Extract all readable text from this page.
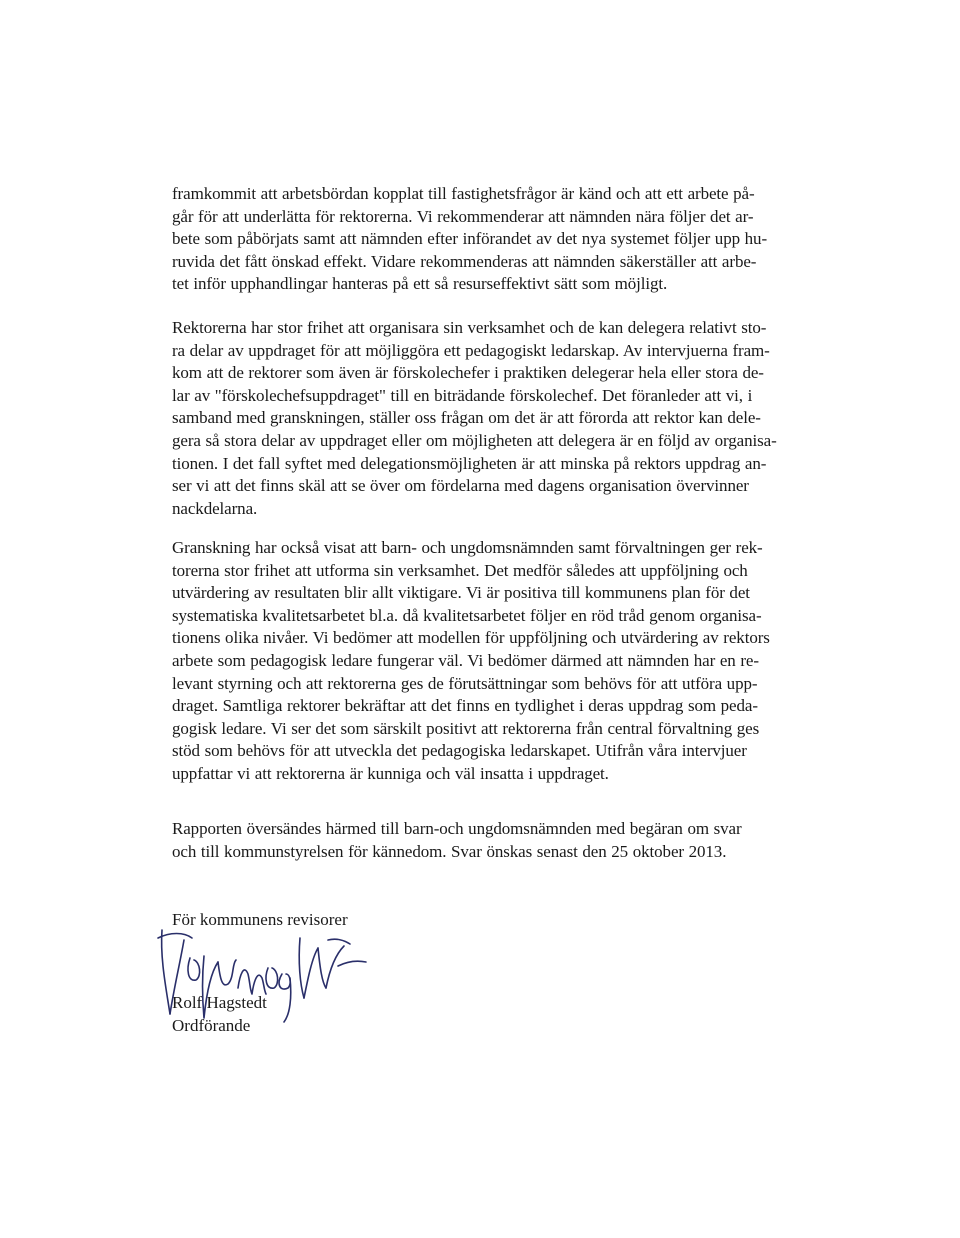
framkommit att arbetsbördan kopplat till fastighetsfrågor är känd och att ett arbete på-
går för att underlätta för rektorerna. Vi rekommenderar att nämnden nära följer det ar-
bete som påbörjats samt att nämnden efter införandet av det nya systemet följer upp hu-
ruvida det fått önskad effekt. Vidare rekommenderas att nämnden säkerställer att arbe-
tet inför upphandlingar hanteras på ett så resurseffektivt sätt som möjligt.

Rektorerna har stor frihet att organisara sin verksamhet och de kan delegera relativt sto-
ra delar av uppdraget för att möjliggöra ett pedagogiskt ledarskap. Av intervjuerna fram-
kom att de rektorer som även är förskolechefer i praktiken delegerar hela eller stora de-
lar av "förskolechefsuppdraget" till en biträdande förskolechef. Det föranleder att vi, i
samband med granskningen, ställer oss frågan om det är att förorda att rektor kan dele-
gera så stora delar av uppdraget eller om möjligheten att delegera är en följd av organisa-
tionen. I det fall syftet med delegationsmöjligheten är att minska på rektors uppdrag an-
ser vi att det finns skäl att se över om fördelarna med dagens organisation övervinner
nackdelarna.

Granskning har också visat att barn- och ungdomsnämnden samt förvaltningen ger rek-
torerna stor frihet att utforma sin verksamhet. Det medför således att uppföljning och
utvärdering av resultaten blir allt viktigare. Vi är positiva till kommunens plan för det
systematiska kvalitetsarbetet bl.a. då kvalitetsarbetet följer en röd tråd genom organisa-
tionens olika nivåer. Vi bedömer att modellen för uppföljning och utvärdering av rektors
arbete som pedagogisk ledare fungerar väl. Vi bedömer därmed att nämnden har en re-
levant styrning och att rektorerna ges de förutsättningar som behövs för att utföra upp-
draget. Samtliga rektorer bekräftar att det finns en tydlighet i deras uppdrag som peda-
gogisk ledare. Vi ser det som särskilt positivt att rektorerna från central förvaltning ges
stöd som behövs för att utveckla det pedagogiska ledarskapet. Utifrån våra intervjuer
uppfattar vi att rektorerna är kunniga och väl insatta i uppdraget.

Rapporten översändes härmed till barn-och ungdomsnämnden med begäran om svar
och till kommunstyrelsen för kännedom. Svar önskas senast den 25 oktober 2013.

För kommunens revisorer
Rolf Hagstedt
Ordförande
